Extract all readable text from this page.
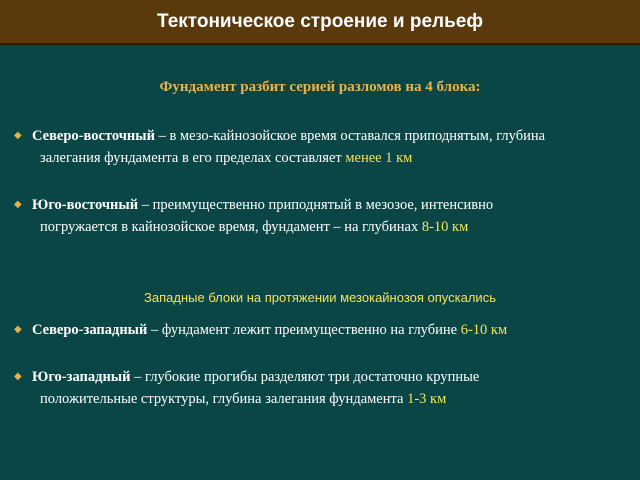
Тектоническое строение и рельеф
Фундамент разбит серией разломов на 4 блока:
◆ Северо-восточный – в мезо-кайнозойское время оставался приподнятым, глубина
залегания фундамента в его пределах составляет менее 1 км
◆ Юго-восточный – преимущественно приподнятый в мезозое, интенсивно
погружается в кайнозойское время, фундамент – на глубинах 8-10 км
Западные блоки на протяжении мезокайнозоя опускались
◆ Северо-западный – фундамент лежит преимущественно на глубине 6-10 км
◆ Юго-западный – глубокие прогибы разделяют три достаточно крупные
положительные структуры, глубина залегания фундамента 1-3 км
